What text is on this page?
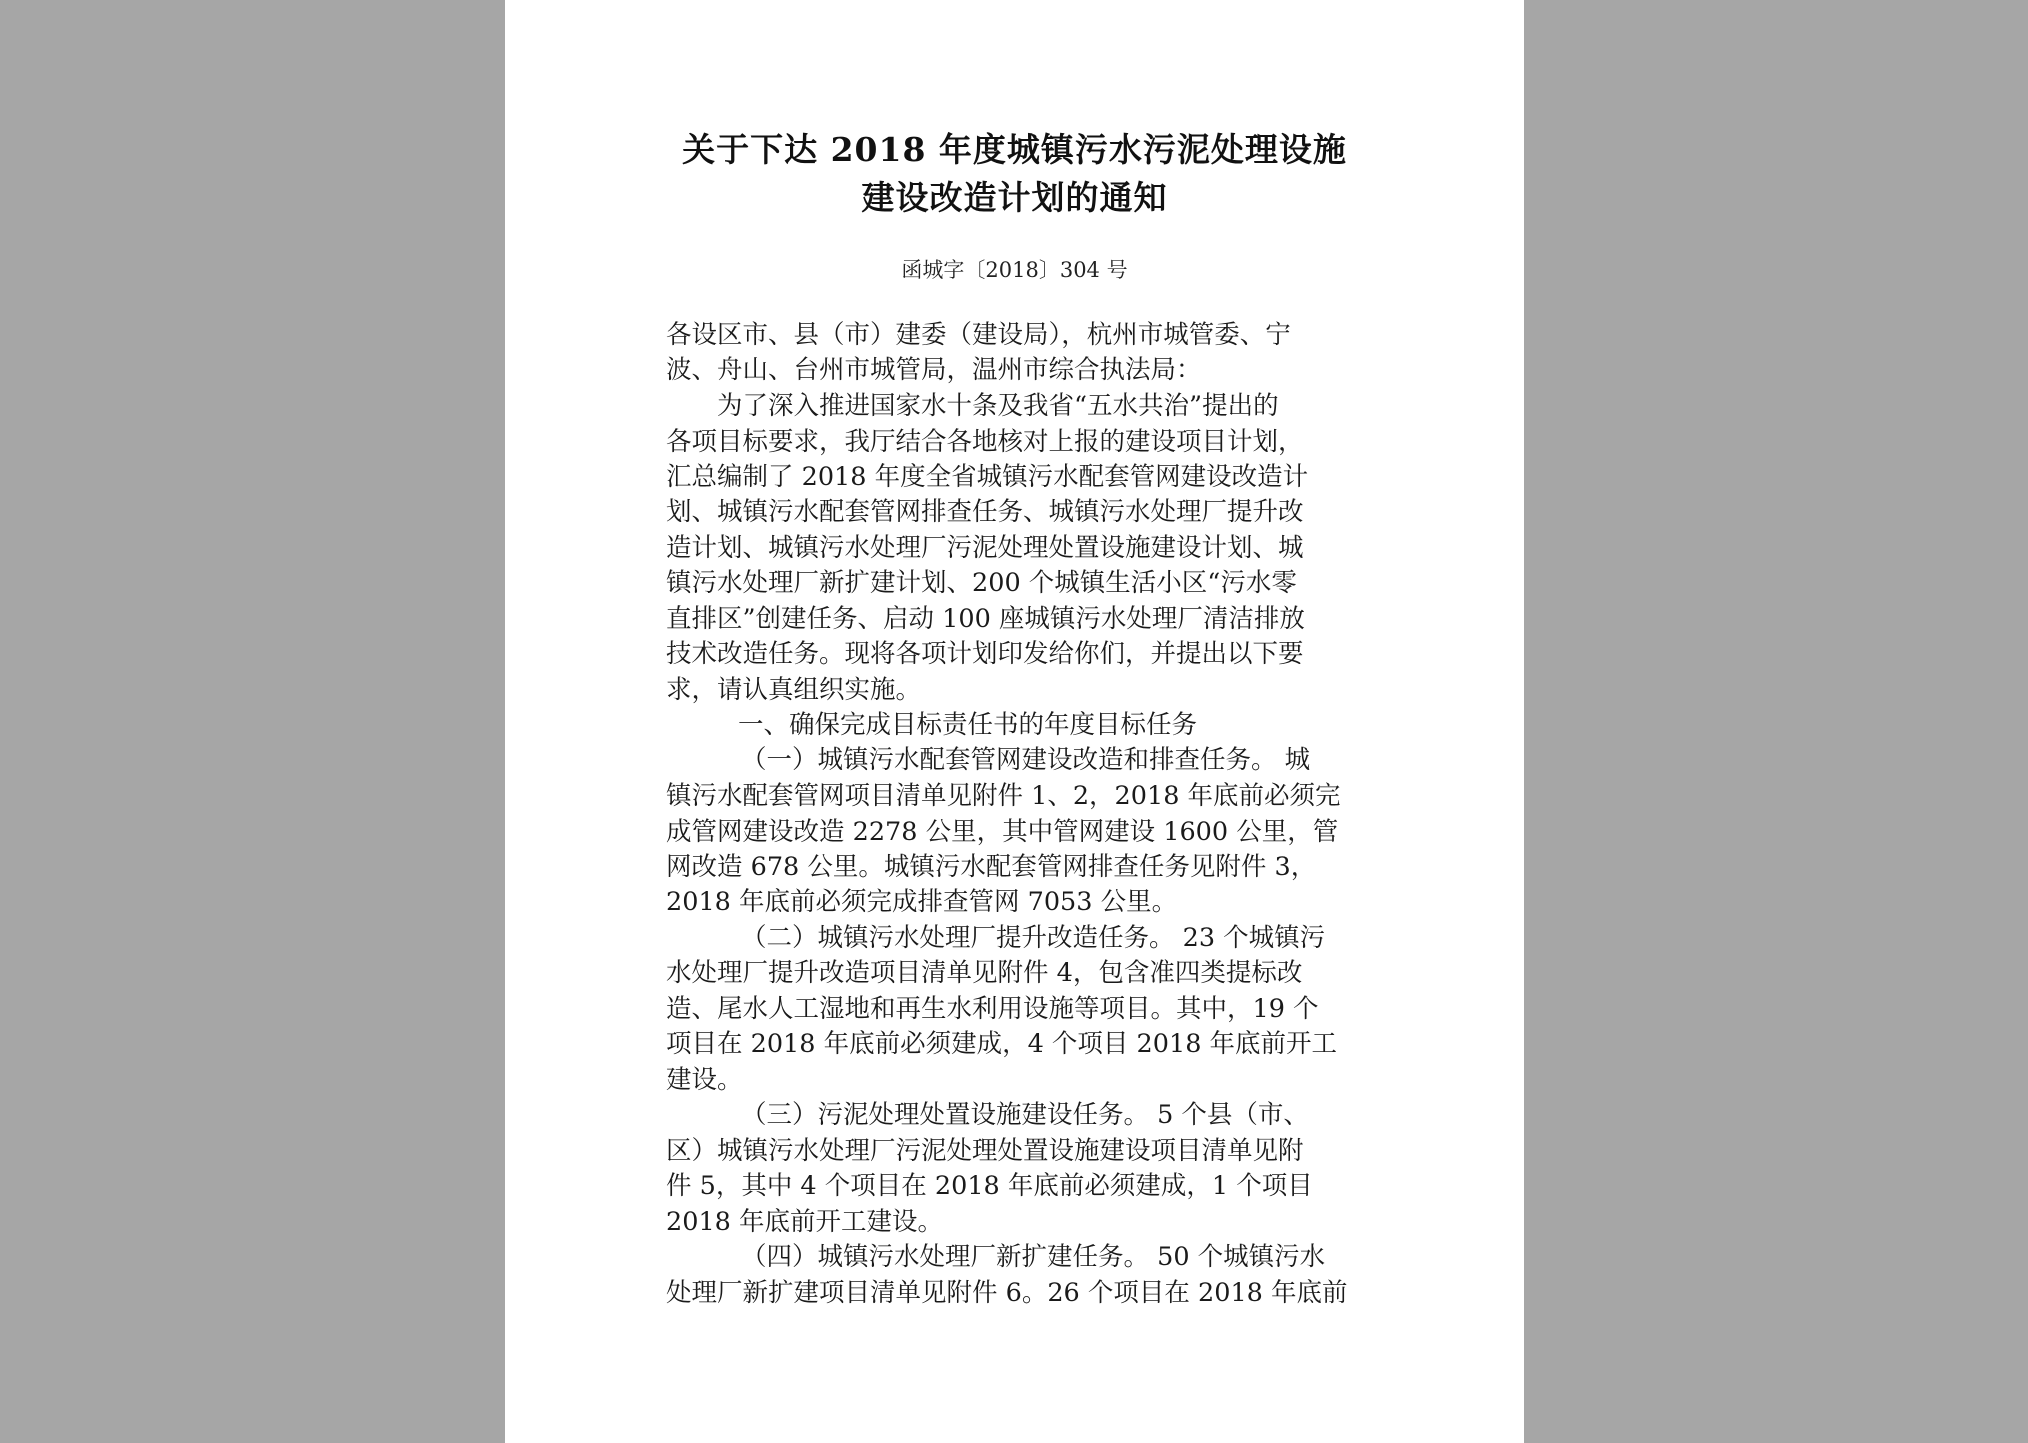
关于下达 2018 年度城镇污水污泥处理设施
建设改造计划的通知
函城字〔2018〕304 号
各设区市、县（市）建委（建设局），杭州市城管委、宁
波、舟山、台州市城管局，温州市综合执法局：
为了深入推进国家水十条及我省“五水共治”提出的
各项目标要求，我厅结合各地核对上报的建设项目计划，
汇总编制了 2018 年度全省城镇污水配套管网建设改造计
划、城镇污水配套管网排查任务、城镇污水处理厂提升改
造计划、城镇污水处理厂污泥处理处置设施建设计划、城
镇污水处理厂新扩建计划、200 个城镇生活小区“污水零
直排区”创建任务、启动 100 座城镇污水处理厂清洁排放
技术改造任务。现将各项计划印发给你们，并提出以下要
求，请认真组织实施。
一、确保完成目标责任书的年度目标任务
（一）城镇污水配套管网建设改造和排查任务。 城
镇污水配套管网项目清单见附件 1、2，2018 年底前必须完
成管网建设改造 2278 公里，其中管网建设 1600 公里，管
网改造 678 公里。城镇污水配套管网排查任务见附件 3，
2018 年底前必须完成排查管网 7053 公里。
（二）城镇污水处理厂提升改造任务。 23 个城镇污
水处理厂提升改造项目清单见附件 4，包含准四类提标改
造、尾水人工湿地和再生水利用设施等项目。其中，19 个
项目在 2018 年底前必须建成，4 个项目 2018 年底前开工
建设。
（三）污泥处理处置设施建设任务。 5 个县（市、
区）城镇污水处理厂污泥处理处置设施建设项目清单见附
件 5，其中 4 个项目在 2018 年底前必须建成，1 个项目
2018 年底前开工建设。
（四）城镇污水处理厂新扩建任务。 50 个城镇污水
处理厂新扩建项目清单见附件 6。26 个项目在 2018 年底前
